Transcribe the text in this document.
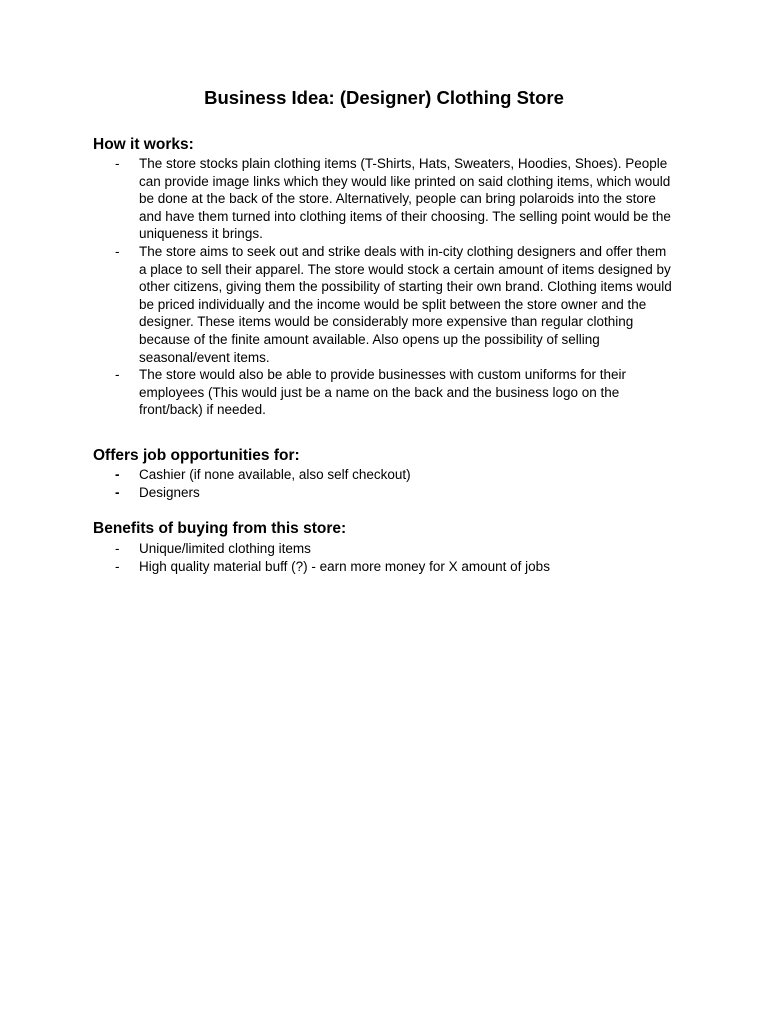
Business Idea: (Designer) Clothing Store
How it works:
-	The store stocks plain clothing items (T-Shirts, Hats, Sweaters, Hoodies, Shoes). People can provide image links which they would like printed on said clothing items, which would be done at the back of the store. Alternatively, people can bring polaroids into the store and have them turned into clothing items of their choosing. The selling point would be the uniqueness it brings.
-	The store aims to seek out and strike deals with in-city clothing designers and offer them a place to sell their apparel. The store would stock a certain amount of items designed by other citizens, giving them the possibility of starting their own brand. Clothing items would be priced individually and the income would be split between the store owner and the designer. These items would be considerably more expensive than regular clothing because of the finite amount available. Also opens up the possibility of selling seasonal/event items.
-	The store would also be able to provide businesses with custom uniforms for their employees (This would just be a name on the back and the business logo on the front/back) if needed.
Offers job opportunities for:
-	Cashier (if none available, also self checkout)
-	Designers
Benefits of buying from this store:
-	Unique/limited clothing items
-	High quality material buff (?) - earn more money for X amount of jobs
